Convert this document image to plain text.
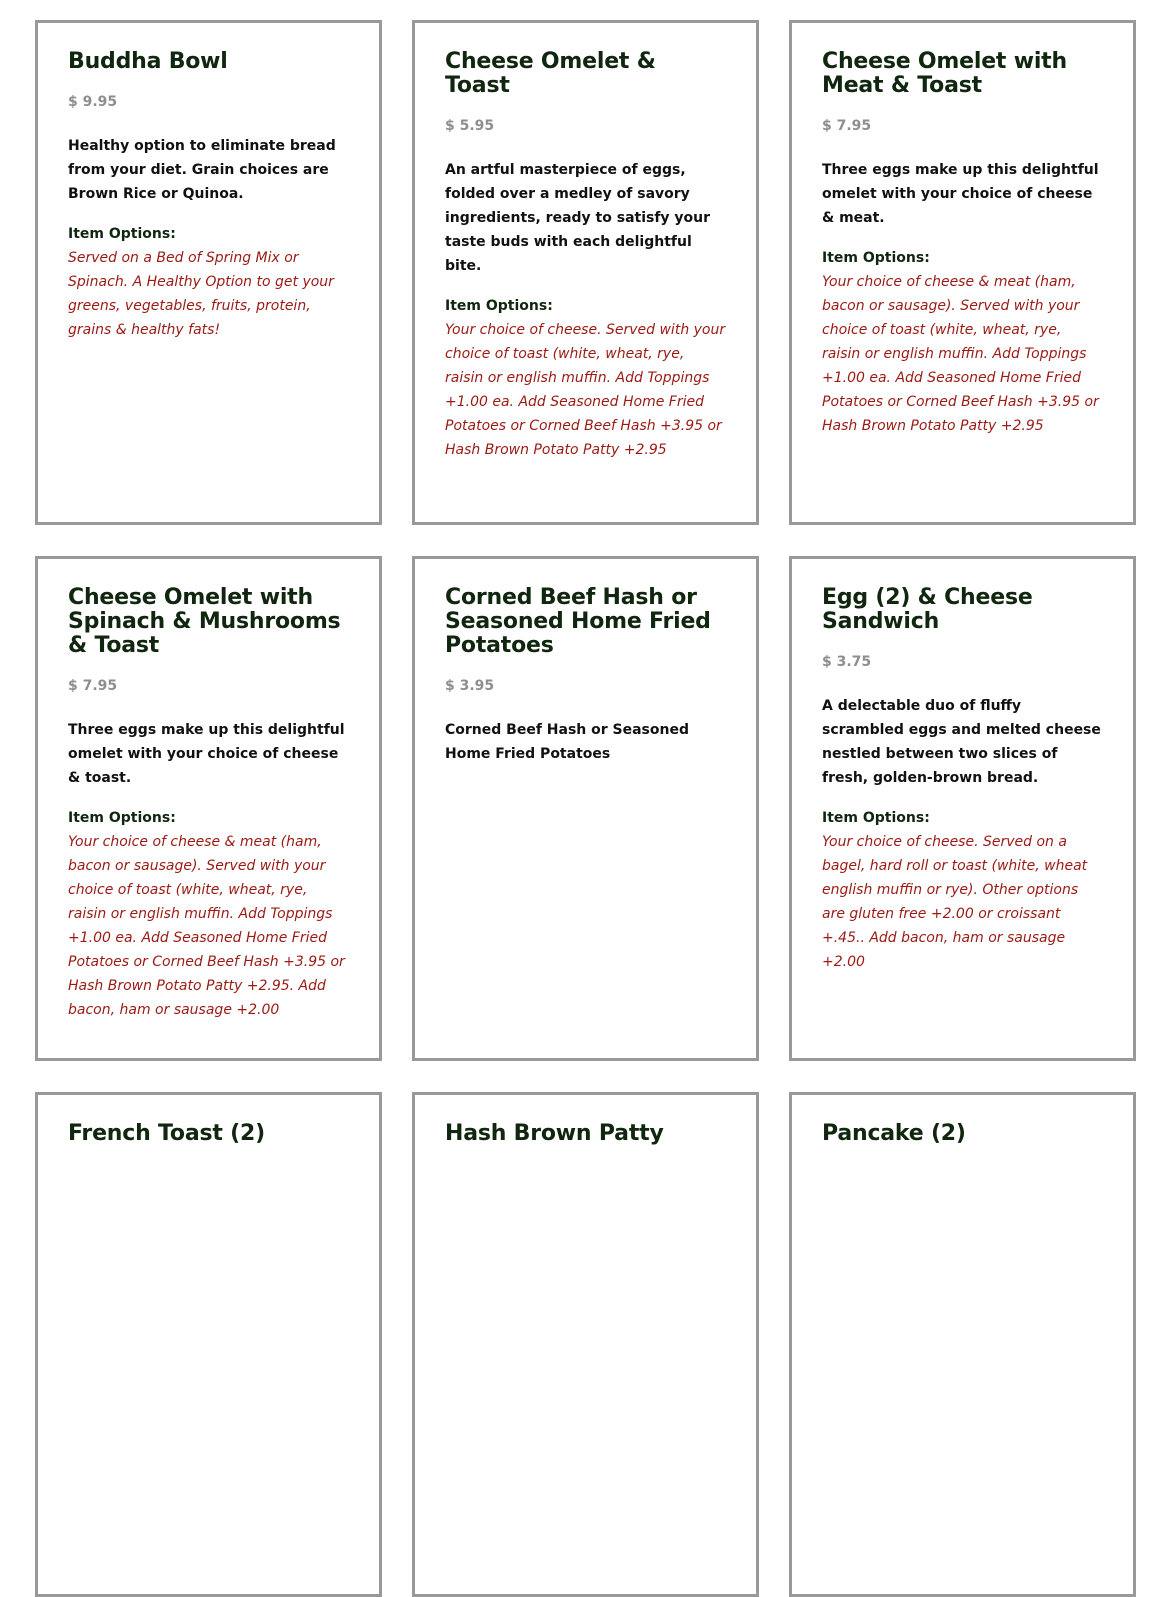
Buddha Bowl
$ 9.95
Healthy option to eliminate bread from your diet. Grain choices are Brown Rice or Quinoa.
Item Options:
Served on a Bed of Spring Mix or Spinach. A Healthy Option to get your greens, vegetables, fruits, protein, grains & healthy fats!
Cheese Omelet & Toast
$ 5.95
An artful masterpiece of eggs, folded over a medley of savory ingredients, ready to satisfy your taste buds with each delightful bite.
Item Options:
Your choice of cheese. Served with your choice of toast (white, wheat, rye, raisin or english muffin. Add Toppings +1.00 ea. Add Seasoned Home Fried Potatoes or Corned Beef Hash +3.95 or Hash Brown Potato Patty +2.95
Cheese Omelet with Meat & Toast
$ 7.95
Three eggs make up this delightful omelet with your choice of cheese & meat.
Item Options:
Your choice of cheese & meat (ham, bacon or sausage). Served with your choice of toast (white, wheat, rye, raisin or english muffin. Add Toppings +1.00 ea. Add Seasoned Home Fried Potatoes or Corned Beef Hash +3.95 or Hash Brown Potato Patty +2.95
Cheese Omelet with Spinach & Mushrooms & Toast
$ 7.95
Three eggs make up this delightful omelet with your choice of cheese & toast.
Item Options:
Your choice of cheese & meat (ham, bacon or sausage). Served with your choice of toast (white, wheat, rye, raisin or english muffin. Add Toppings +1.00 ea. Add Seasoned Home Fried Potatoes or Corned Beef Hash +3.95 or Hash Brown Potato Patty +2.95. Add bacon, ham or sausage +2.00
Corned Beef Hash or Seasoned Home Fried Potatoes
$ 3.95
Corned Beef Hash or Seasoned Home Fried Potatoes
Egg (2) & Cheese Sandwich
$ 3.75
A delectable duo of fluffy scrambled eggs and melted cheese nestled between two slices of fresh, golden-brown bread.
Item Options:
Your choice of cheese. Served on a bagel, hard roll or toast (white, wheat english muffin or rye). Other options are gluten free +2.00 or croissant +.45.. Add bacon, ham or sausage +2.00
French Toast (2)	Hash Brown Patty	Pancake (2)
